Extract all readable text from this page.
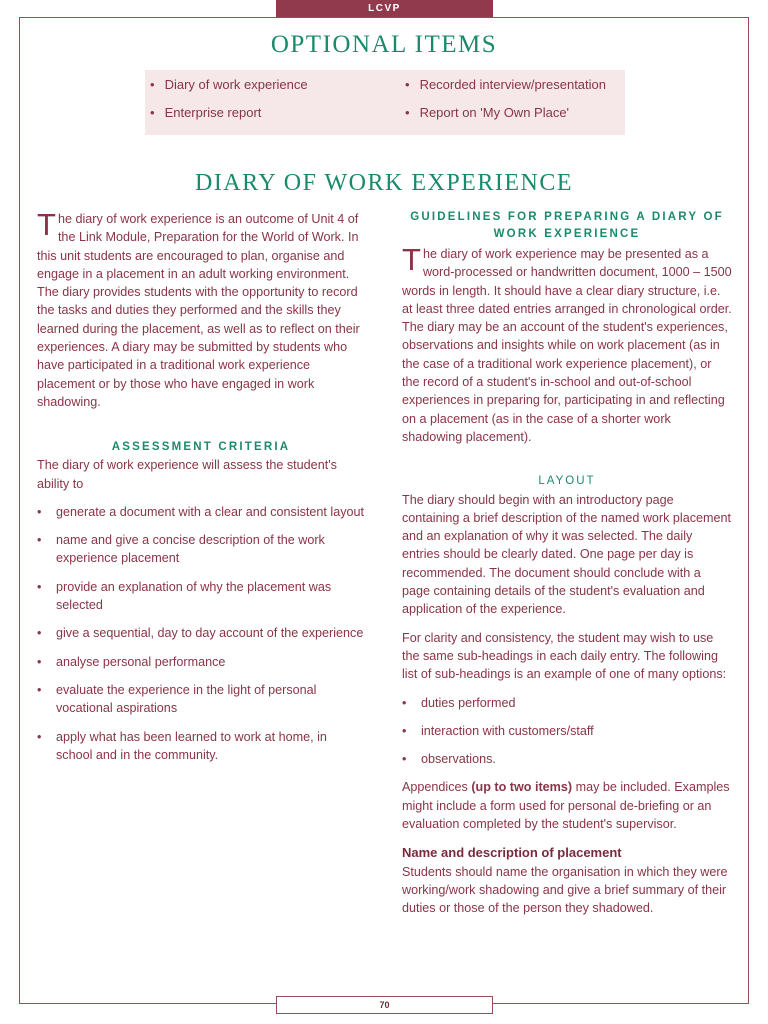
LCVP
OPTIONAL ITEMS
• Diary of work experience	• Recorded interview/presentation
• Enterprise report	• Report on 'My Own Place'
DIARY OF WORK EXPERIENCE

The diary of work experience is an outcome of Unit 4 of the Link Module, Preparation for the World of Work. In this unit students are encouraged to plan, organise and engage in a placement in an adult working environment. The diary provides students with the opportunity to record the tasks and duties they performed and the skills they learned during the placement, as well as to reflect on their experiences. A diary may be submitted by students who have participated in a traditional work experience placement or by those who have engaged in work shadowing.

ASSESSMENT CRITERIA

The diary of work experience will assess the student's ability to

• generate a document with a clear and consistent layout
• name and give a concise description of the work experience placement
• provide an explanation of why the placement was selected
• give a sequential, day to day account of the experience
• analyse personal performance
• evaluate the experience in the light of personal vocational aspirations
• apply what has been learned to work at home, in school and in the community.
GUIDELINES FOR PREPARING A DIARY OF WORK EXPERIENCE

The diary of work experience may be presented as a word-processed or handwritten document, 1000 – 1500 words in length. It should have a clear diary structure, i.e. at least three dated entries arranged in chronological order. The diary may be an account of the student's experiences, observations and insights while on work placement (as in the case of a traditional work experience placement), or the record of a student's in-school and out-of-school experiences in preparing for, participating in and reflecting on a placement (as in the case of a shorter work shadowing placement).

LAYOUT

The diary should begin with an introductory page containing a brief description of the named work placement and an explanation of why it was selected. The daily entries should be clearly dated. One page per day is recommended. The document should conclude with a page containing details of the student's evaluation and application of the experience.

For clarity and consistency, the student may wish to use the same sub-headings in each daily entry. The following list of sub-headings is an example of one of many options:

• duties performed
• interaction with customers/staff
• observations.

Appendices (up to two items) may be included. Examples might include a form used for personal de-briefing or an evaluation completed by the student's supervisor.

Name and description of placement

Students should name the organisation in which they were working/work shadowing and give a brief summary of their duties or those of the person they shadowed.

70
